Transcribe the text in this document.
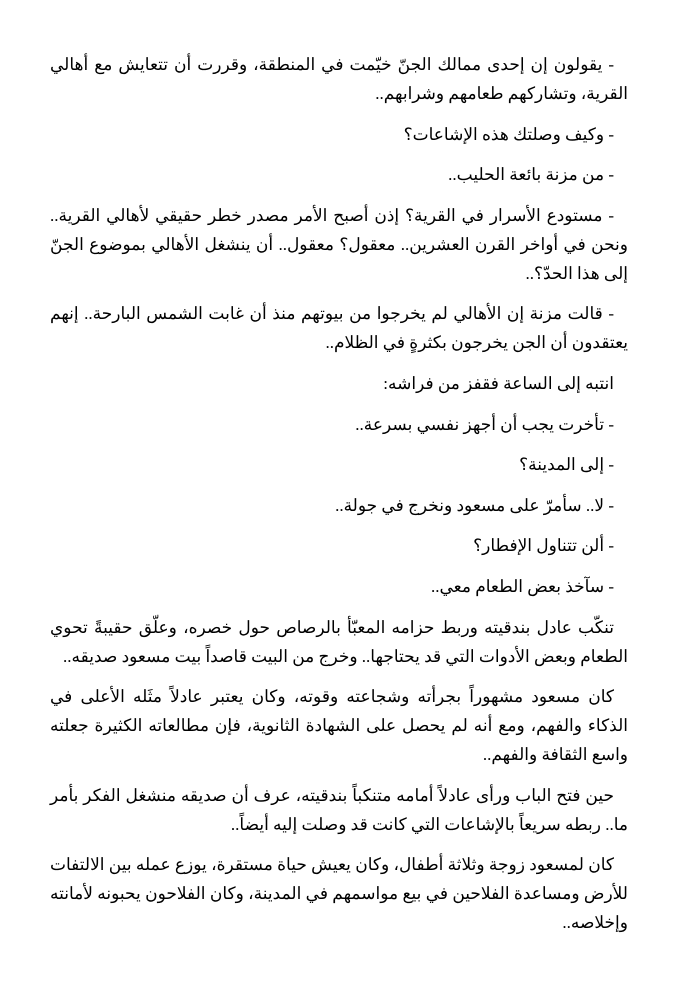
- يقولون إن إحدى ممالك الجنّ خيّمت في المنطقة، وقررت أن تتعايش مع أهالي القرية، وتشاركهم طعامهم وشرابهم..

- وكيف وصلتك هذه الإشاعات؟

- من مزنة بائعة الحليب..

- مستودع الأسرار في القرية؟ إذن أصبح الأمر مصدر خطر حقيقي لأهالي القرية.. ونحن في أواخر القرن العشرين.. معقول؟ معقول.. أن ينشغل الأهالي بموضوع الجنّ إلى هذا الحدّ؟..

- قالت مزنة إن الأهالي لم يخرجوا من بيوتهم منذ أن غابت الشمس البارحة.. إنهم يعتقدون أن الجن يخرجون بكثرةٍ في الظلام..

انتبه إلى الساعة فقفز من فراشه:

- تأخرت يجب أن أجهز نفسي بسرعة..

- إلى المدينة؟

- لا.. سأمرّ على مسعود ونخرج في جولة..

- ألن تتناول الإفطار؟

- سآخذ بعض الطعام معي..

تنكّب عادل بندقيته وربط حزامه المعبّأ بالرصاص حول خصره، وعلّق حقيبةً تحوي الطعام وبعض الأدوات التي قد يحتاجها.. وخرج من البيت قاصداً بيت مسعود صديقه..

كان مسعود مشهوراً بجرأته وشجاعته وقوته، وكان يعتبر عادلاً مثَله الأعلى في الذكاء والفهم، ومع أنه لم يحصل على الشهادة الثانوية، فإن مطالعاته الكثيرة جعلته واسع الثقافة والفهم..

حين فتح الباب ورأى عادلاً أمامه متنكباً بندقيته، عرف أن صديقه منشغل الفكر بأمر ما.. ربطه سريعاً بالإشاعات التي كانت قد وصلت إليه أيضاً..

كان لمسعود زوجة وثلاثة أطفال، وكان يعيش حياة مستقرة، يوزع عمله بين الالتفات للأرض ومساعدة الفلاحين في بيع مواسمهم في المدينة، وكان الفلاحون يحبونه لأمانته وإخلاصه..
